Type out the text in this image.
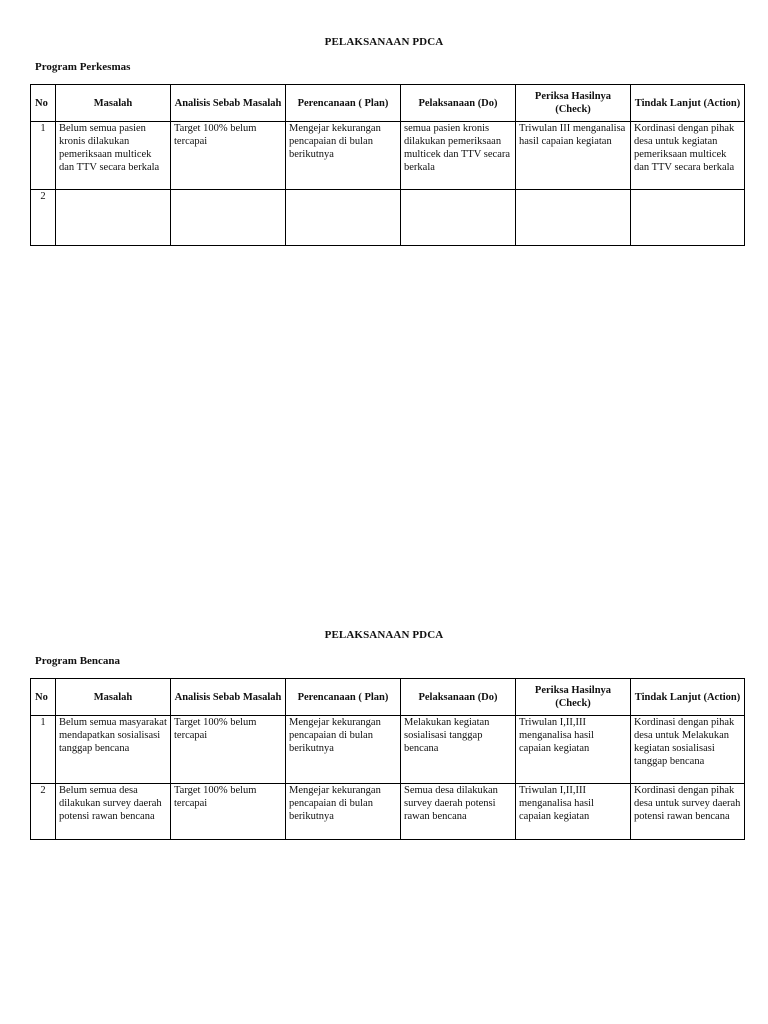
PELAKSANAAN PDCA
Program Perkesmas
No	Masalah	Analisis Sebab Masalah	Perencanaan ( Plan)	Pelaksanaan (Do)	Periksa Hasilnya (Check)	Tindak Lanjut (Action)
1	Belum semua pasien kronis dilakukan pemeriksaan multicek dan TTV secara berkala	Target 100% belum tercapai	Mengejar kekurangan pencapaian di bulan berikutnya	semua pasien kronis dilakukan pemeriksaan multicek dan TTV secara berkala	Triwulan III menganalisa hasil capaian kegiatan	Kordinasi dengan pihak desa untuk kegiatan pemeriksaan multicek dan TTV secara berkala
2						
PELAKSANAAN PDCA
Program Bencana
No	Masalah	Analisis Sebab Masalah	Perencanaan ( Plan)	Pelaksanaan (Do)	Periksa Hasilnya (Check)	Tindak Lanjut (Action)
1	Belum semua masyarakat mendapatkan sosialisasi tanggap bencana	Target 100% belum tercapai	Mengejar kekurangan pencapaian di bulan berikutnya	Melakukan kegiatan sosialisasi tanggap bencana	Triwulan I,II,III menganalisa hasil capaian kegiatan	Kordinasi dengan pihak desa untuk Melakukan kegiatan sosialisasi tanggap bencana
2	Belum semua desa dilakukan survey daerah potensi rawan bencana	Target 100% belum tercapai	Mengejar kekurangan pencapaian di bulan berikutnya	Semua desa dilakukan survey daerah potensi rawan bencana	Triwulan I,II,III menganalisa hasil capaian kegiatan	Kordinasi dengan pihak desa untuk survey daerah potensi rawan bencana
